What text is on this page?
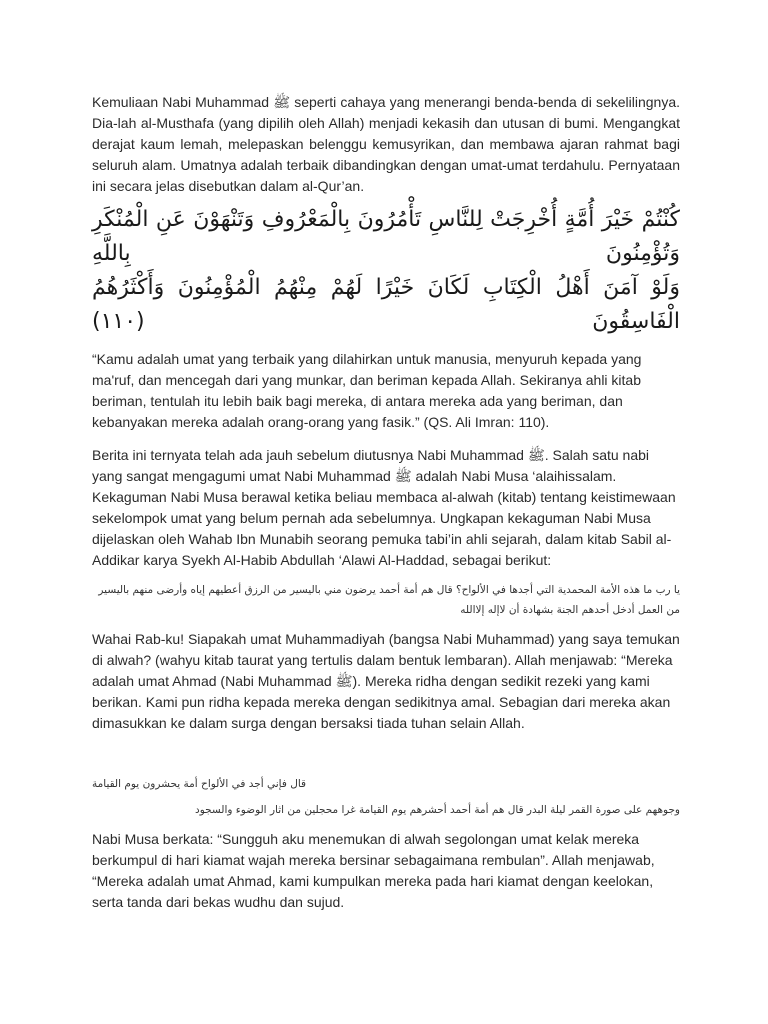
Kemuliaan Nabi Muhammad ﷺ seperti cahaya yang menerangi benda-benda di sekelilingnya. Dia-lah al-Musthafa (yang dipilih oleh Allah) menjadi kekasih dan utusan di bumi. Mengangkat derajat kaum lemah, melepaskan belenggu kemusyrikan, dan membawa ajaran rahmat bagi seluruh alam. Umatnya adalah terbaik dibandingkan dengan umat-umat terdahulu. Pernyataan ini secara jelas disebutkan dalam al-Qur’an.

كُنْتُمْ خَيْرَ أُمَّةٍ أُخْرِجَتْ لِلنَّاسِ تَأْمُرُونَ بِالْمَعْرُوفِ وَتَنْهَوْنَ عَنِ الْمُنْكَرِ وَتُؤْمِنُونَ بِاللَّهِ
وَلَوْ آمَنَ أَهْلُ الْكِتَابِ لَكَانَ خَيْرًا لَهُمْ مِنْهُمُ الْمُؤْمِنُونَ وَأَكْثَرُهُمُ الْفَاسِقُونَ (١١٠)

“Kamu adalah umat yang terbaik yang dilahirkan untuk manusia, menyuruh kepada yang ma'ruf, dan mencegah dari yang munkar, dan beriman kepada Allah. Sekiranya ahli kitab beriman, tentulah itu lebih baik bagi mereka, di antara mereka ada yang beriman, dan kebanyakan mereka adalah orang-orang yang fasik.” (QS. Ali Imran: 110).

Berita ini ternyata telah ada jauh sebelum diutusnya Nabi Muhammad ﷺ. Salah satu nabi yang sangat mengagumi umat Nabi Muhammad ﷺ adalah Nabi Musa ‘alaihissalam. Kekaguman Nabi Musa berawal ketika beliau membaca al-alwah (kitab) tentang keistimewaan sekelompok umat yang belum pernah ada sebelumnya. Ungkapan kekaguman Nabi Musa dijelaskan oleh Wahab Ibn Munabih seorang pemuka tabi’in ahli sejarah, dalam kitab Sabil al-Addikar karya Syekh Al-Habib Abdullah ‘Alawi Al-Haddad, sebagai berikut:

يا رب ما هذه الأمة المحمدية التي أجدها في الألواح؟ قال هم أمة أحمد يرضون مني باليسير من الرزق أعطيهم إياه وأرضى منهم باليسير

من العمل أدخل أحدهم الجنة بشهادة أن لاإله إلاالله

Wahai Rab-ku! Siapakah umat Muhammadiyah (bangsa Nabi Muhammad) yang saya temukan di alwah? (wahyu kitab taurat yang tertulis dalam bentuk lembaran). Allah menjawab: “Mereka adalah umat Ahmad (Nabi Muhammad ﷺ). Mereka ridha dengan sedikit rezeki yang kami berikan. Kami pun ridha kepada mereka dengan sedikitnya amal. Sebagian dari mereka akan dimasukkan ke dalam surga dengan bersaksi tiada tuhan selain Allah.

قال فإني أجد في الألواح أمة يحشرون يوم القيامة

وجوههم على صورة القمر ليلة البدر قال هم أمة أحمد أحشرهم يوم القيامة غرا محجلين من اثار الوضوء والسجود

Nabi Musa berkata: “Sungguh aku menemukan di alwah segolongan umat kelak mereka berkumpul di hari kiamat wajah mereka bersinar sebagaimana rembulan”. Allah menjawab, “Mereka adalah umat Ahmad, kami kumpulkan mereka pada hari kiamat dengan keelokan, serta tanda dari bekas wudhu dan sujud.
